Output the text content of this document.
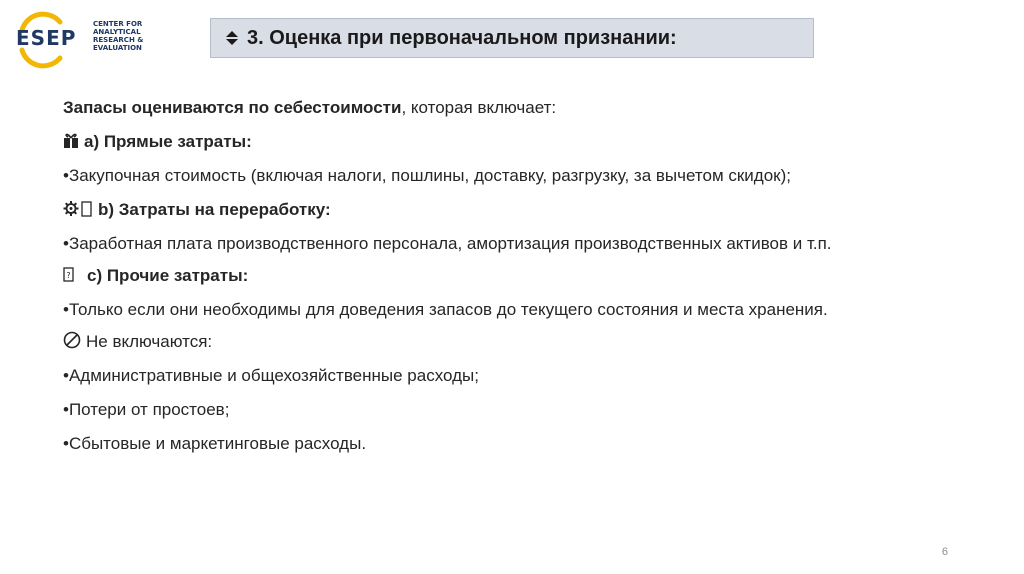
ESEP
CENTER FOR
ANALYTICAL
RESEARCH &
EVALUATION	3. Оценка при первоначальном признании:
Запасы оцениваются по себестоимости, которая включает:
a) Прямые затраты:
•Закупочная стоимость (включая налоги, пошлины, доставку, разгрузку, за вычетом скидок);
b) Затраты на переработку:
•Заработная плата производственного персонала, амортизация производственных активов и т.п.
? c) Прочие затраты:
•Только если они необходимы для доведения запасов до текущего состояния и места хранения.
Не включаются:
•Административные и общехозяйственные расходы;
•Потери от простоев;
•Сбытовые и маркетинговые расходы.
6
